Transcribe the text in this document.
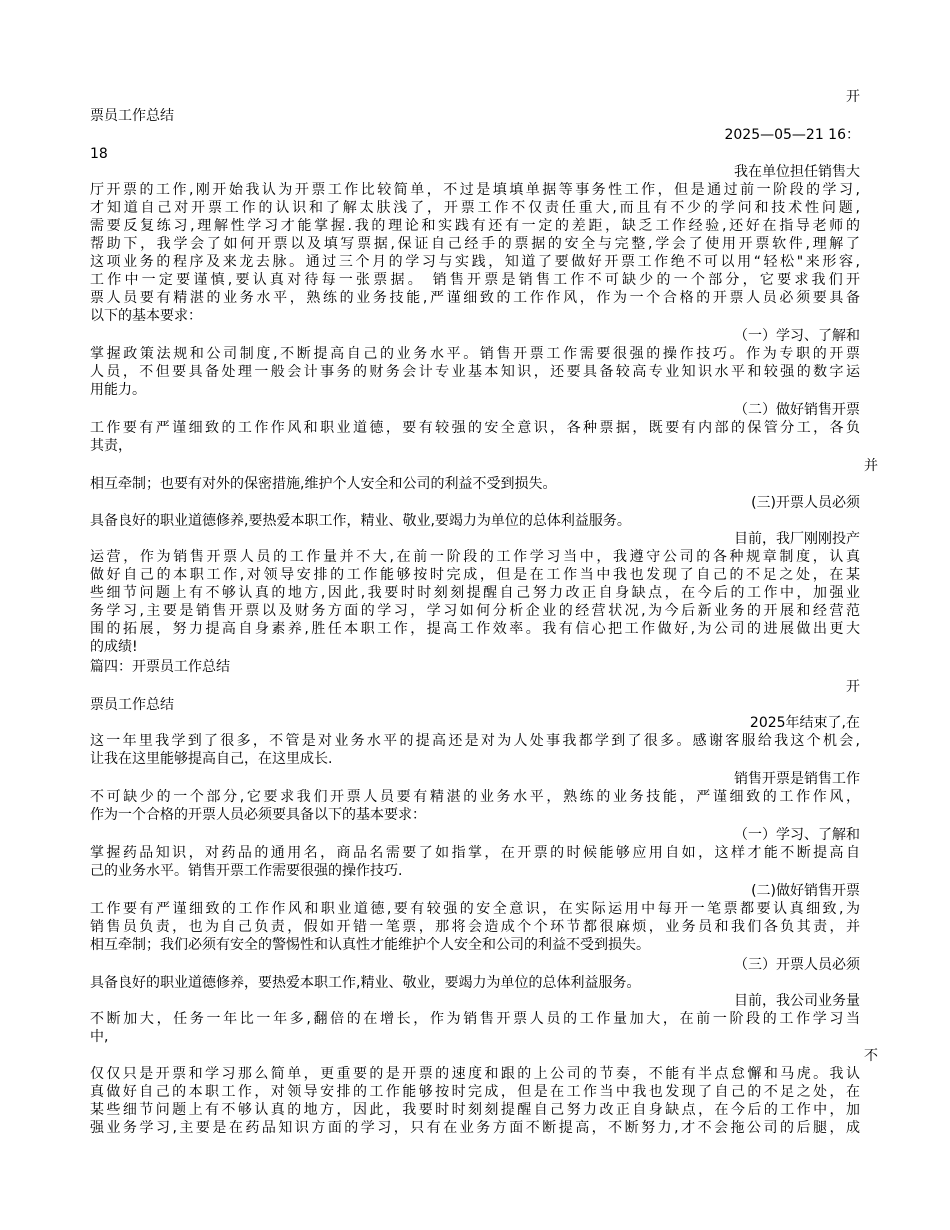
开
票员工作总结
2025—05—21 16：
18
我在单位担任销售大
厅开票的工作,刚开始我认为开票工作比较简单，不过是填填单据等事务性工作，但是通过前一阶段的学习,
才知道自己对开票工作的认识和了解太肤浅了，开票工作不仅责任重大,而且有不少的学问和技术性问题,
需要反复练习,理解性学习才能掌握.我的理论和实践有还有一定的差距，缺乏工作经验,还好在指导老师的
帮助下，我学会了如何开票以及填写票据,保证自己经手的票据的安全与完整,学会了使用开票软件,理解了
这项业务的程序及来龙去脉。通过三个月的学习与实践，知道了要做好开票工作绝不可以用“轻松"来形容,
工作中一定要谨慎,要认真对待每一张票据。 销售开票是销售工作不可缺少的一个部分，它要求我们开
票人员要有精湛的业务水平，熟练的业务技能,严谨细致的工作作风，作为一个合格的开票人员必须要具备
以下的基本要求：
（一）学习、了解和
掌握政策法规和公司制度,不断提高自己的业务水平。销售开票工作需要很强的操作技巧。作为专职的开票
人员，不但要具备处理一般会计事务的财务会计专业基本知识，还要具备较高专业知识水平和较强的数字运
用能力。
（二）做好销售开票
工作要有严谨细致的工作作风和职业道德，要有较强的安全意识，各种票据，既要有内部的保管分工，各负
其责，
并
相互牵制；也要有对外的保密措施,维护个人安全和公司的利益不受到损失。
(三)开票人员必须
具备良好的职业道德修养,要热爱本职工作，精业、敬业,要竭力为单位的总体利益服务。
目前，我厂刚刚投产
运营，作为销售开票人员的工作量并不大,在前一阶段的工作学习当中，我遵守公司的各种规章制度，认真
做好自己的本职工作,对领导安排的工作能够按时完成，但是在工作当中我也发现了自己的不足之处，在某
些细节问题上有不够认真的地方,因此,我要时时刻刻提醒自己努力改正自身缺点，在今后的工作中，加强业
务学习,主要是销售开票以及财务方面的学习，学习如何分析企业的经营状况,为今后新业务的开展和经营范
围的拓展，努力提高自身素养,胜任本职工作，提高工作效率。我有信心把工作做好,为公司的进展做出更大
的成绩!
篇四：开票员工作总结
开
票员工作总结
2025年结束了,在
这一年里我学到了很多，不管是对业务水平的提高还是对为人处事我都学到了很多。感谢客服给我这个机会,
让我在这里能够提高自己，在这里成长.
销售开票是销售工作
不可缺少的一个部分,它要求我们开票人员要有精湛的业务水平，熟练的业务技能，严谨细致的工作作风，
作为一个合格的开票人员必须要具备以下的基本要求：
（一）学习、了解和
掌握药品知识，对药品的通用名，商品名需要了如指掌，在开票的时候能够应用自如，这样才能不断提高自
己的业务水平。销售开票工作需要很强的操作技巧.
(二)做好销售开票
工作要有严谨细致的工作作风和职业道德,要有较强的安全意识，在实际运用中每开一笔票都要认真细致,为
销售员负责，也为自己负责，假如开错一笔票，那将会造成个个环节都很麻烦，业务员和我们各负其责，并
相互牵制；我们必须有安全的警惕性和认真性才能维护个人安全和公司的利益不受到损失。
（三）开票人员必须
具备良好的职业道德修养，要热爱本职工作,精业、敬业，要竭力为单位的总体利益服务。
目前，我公司业务量
不断加大，任务一年比一年多,翻倍的在增长，作为销售开票人员的工作量加大，在前一阶段的工作学习当
中,
不
仅仅只是开票和学习那么简单，更重要的是开票的速度和跟的上公司的节奏，不能有半点怠懈和马虎。我认
真做好自己的本职工作，对领导安排的工作能够按时完成，但是在工作当中我也发现了自己的不足之处，在
某些细节问题上有不够认真的地方，因此，我要时时刻刻提醒自己努力改正自身缺点，在今后的工作中，加
强业务学习,主要是在药品知识方面的学习，只有在业务方面不断提高，不断努力,才不会拖公司的后腿，成
